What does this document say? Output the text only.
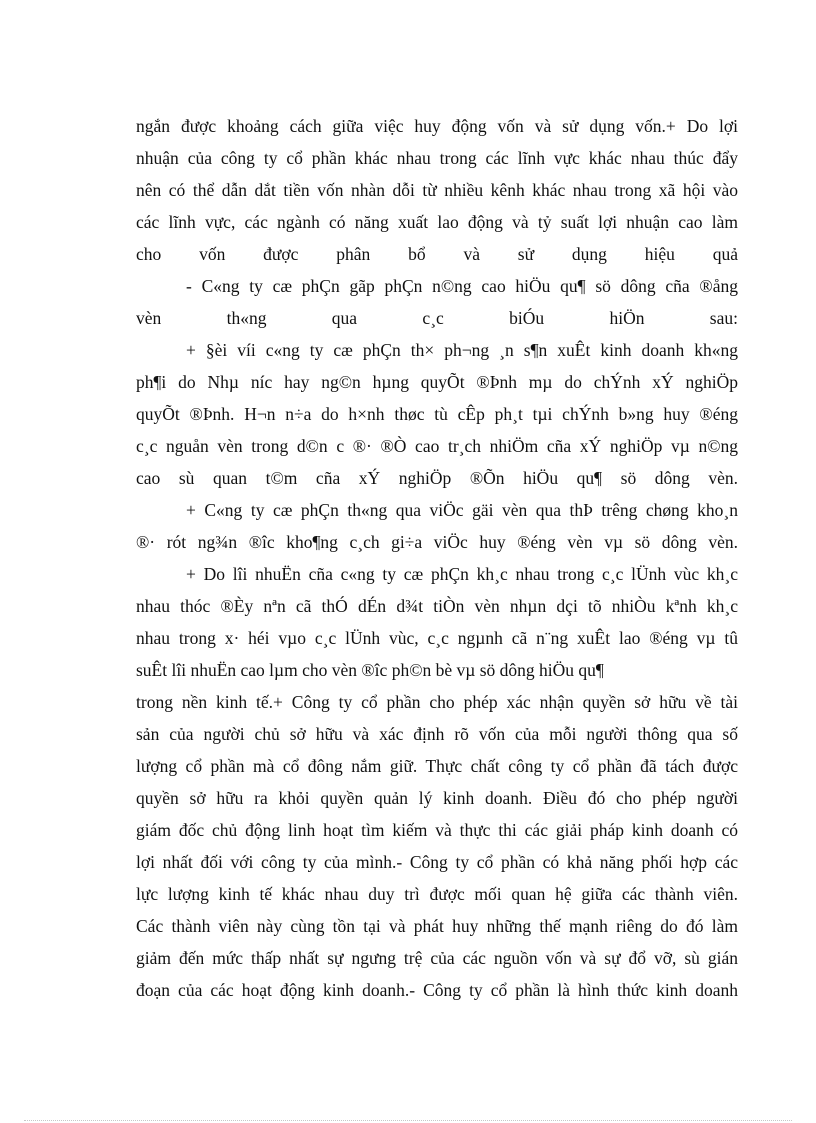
ngắn được khoảng cách giữa việc huy động vốn và sử dụng vốn.+ Do lợi
nhuận của công ty cổ phần khác nhau trong các lĩnh vực khác nhau thúc đẩy
nên có thể dẫn dắt tiền vốn nhàn dỗi từ nhiều kênh khác nhau trong xã hội vào
các lĩnh vực, các ngành có năng xuất lao động và tỷ suất lợi nhuận cao làm
cho vốn được phân bổ và sử dụng hiệu quả
- C«ng ty cæ phÇn gãp phÇn n©ng cao hiÖu qu¶ sö dông cña ®ång
vèn th«ng qua c¸c biÓu hiÖn sau:
+ §èi víi c«ng ty cæ phÇn th× ph¬ng ¸n s¶n xuÊt kinh doanh kh«ng
ph¶i do Nhµ níc hay ng©n hµng quyÕt ®Þnh mµ do chÝnh xÝ nghiÖp
quyÕt ®Þnh. H¬n n÷a do h×nh thøc tù cÊp ph¸t tµi chÝnh b»ng huy ®éng
c¸c nguån vèn trong d©n c ®· ®Ò cao tr¸ch nhiÖm cña xÝ nghiÖp vµ n©ng
cao sù quan t©m cña xÝ nghiÖp ®Õn hiÖu qu¶ sö dông vèn.
+ C«ng ty cæ phÇn th«ng qua viÖc gäi vèn qua thÞ trêng chøng kho¸n
®· rót ng¾n ®îc kho¶ng c¸ch gi÷a viÖc huy ®éng vèn vµ sö dông vèn.
+ Do lîi nhuËn cña c«ng ty cæ phÇn kh¸c nhau trong c¸c lÜnh vùc kh¸c
nhau thóc ®Èy nªn cã thÓ dÉn d¾t tiÒn vèn nhµn dçi tõ nhiÒu kªnh kh¸c
nhau trong x· héi vµo c¸c lÜnh vùc, c¸c ngµnh cã n¨ng xuÊt lao ®éng vµ tû
suÊt lîi nhuËn cao lµm cho vèn ®îc ph©n bè vµ sö dông hiÖu qu¶
trong nền kinh tế.+ Công ty cổ phần cho phép xác nhận quyền sở hữu về tài
sản của người chủ sở hữu và xác định rõ vốn của mỗi người thông qua số
lượng cổ phần mà cổ đông nắm giữ. Thực chất công ty cổ phần đã tách được
quyền sở hữu ra khỏi quyền quản lý kinh doanh. Điều đó cho phép người
giám đốc chủ động linh hoạt tìm kiếm và thực thi các giải pháp kinh doanh có
lợi nhất đối với công ty của mình.- Công ty cổ phần có khả năng phối hợp các
lực lượng kinh tế khác nhau duy trì được mối quan hệ giữa các thành viên.
Các thành viên này cùng tồn tại và phát huy những thế mạnh riêng do đó làm
giảm đến mức thấp nhất sự ngưng trệ của các nguồn vốn và sự đổ vỡ, sù gián
đoạn của các hoạt động kinh doanh.- Công ty cổ phần là hình thức kinh doanh
